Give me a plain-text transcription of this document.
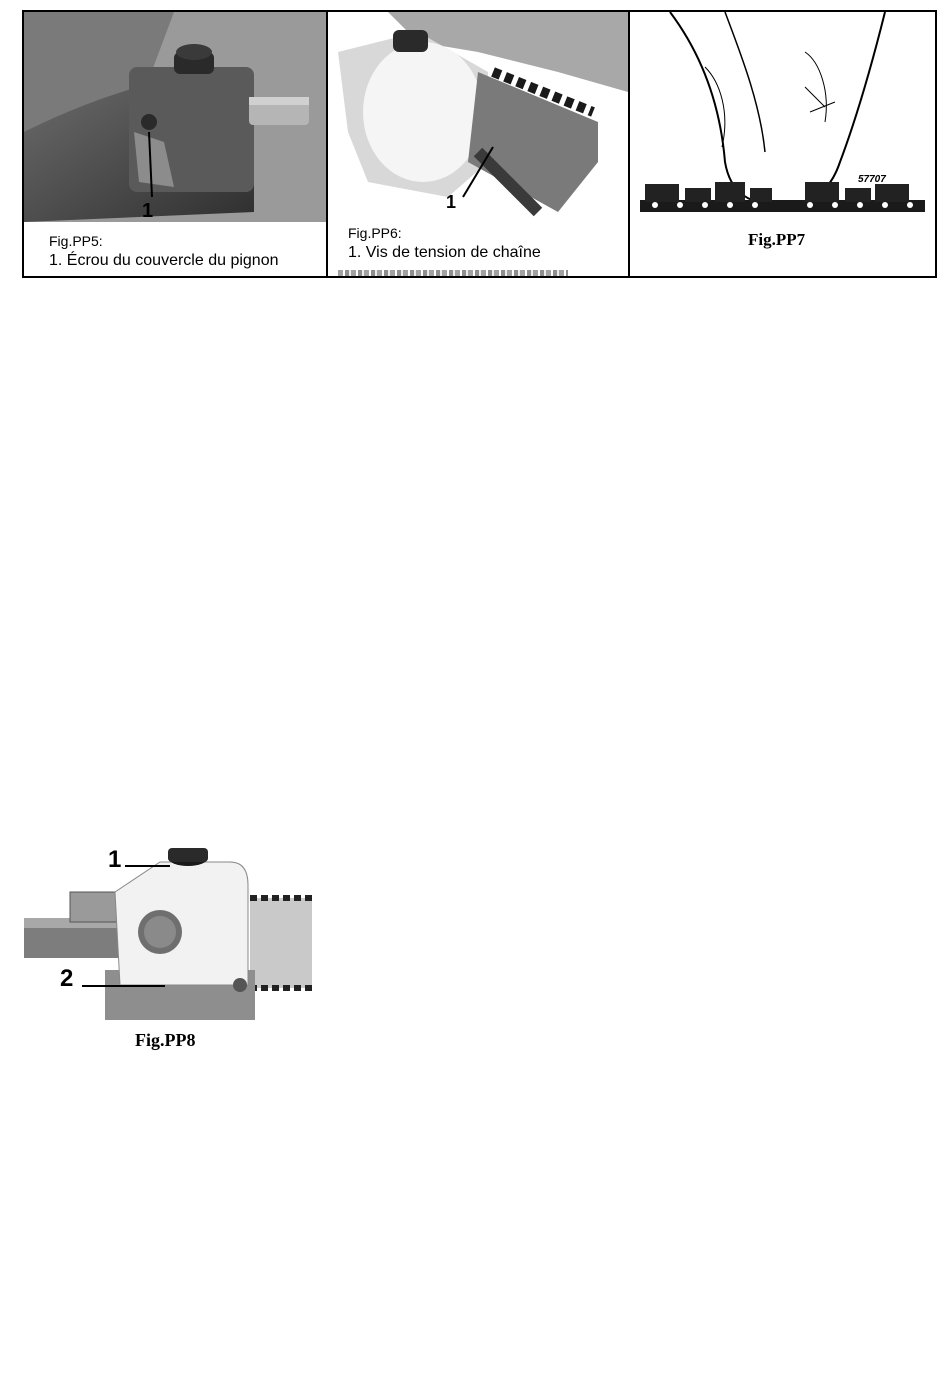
1
Fig.PP5:
1. Écrou du couvercle du pignon
1
Fig.PP6:
1. Vis de tension de chaîne
57707
Fig.PP7
1
2
Fig.PP8
